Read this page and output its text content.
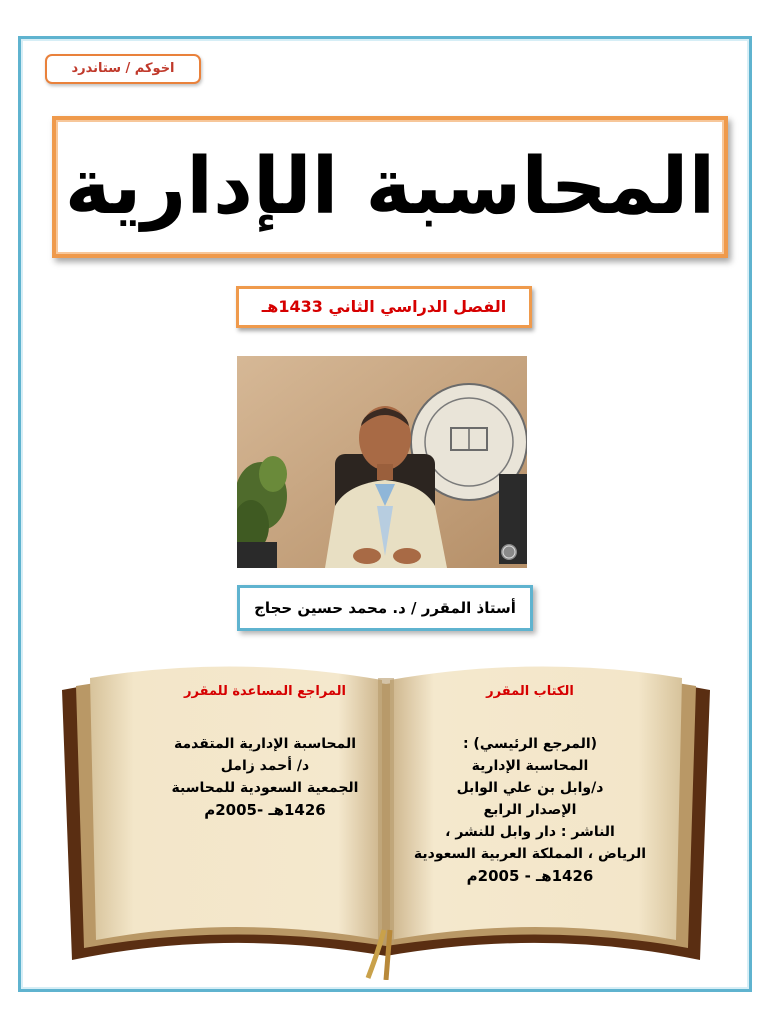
اخوكم / ستاندرد
المحاسبة الإدارية
الفصل الدراسي الثاني 1433هـ
أستاذ المقرر / د. محمد حسين حجاج
المراجع المساعدة للمقرر
المحاسبة الإدارية المتقدمة
د/ أحمد زامل
الجمعية السعودية للمحاسبة
1426هـ -2005م
الكتاب المقرر
(المرجع الرئيسي) :
المحاسبة الإدارية
د/وابل بن علي الوابل
الإصدار الرابع
الناشر : دار وابل للنشر ،
الرياض ، المملكة العربية السعودية
1426هـ - 2005م
